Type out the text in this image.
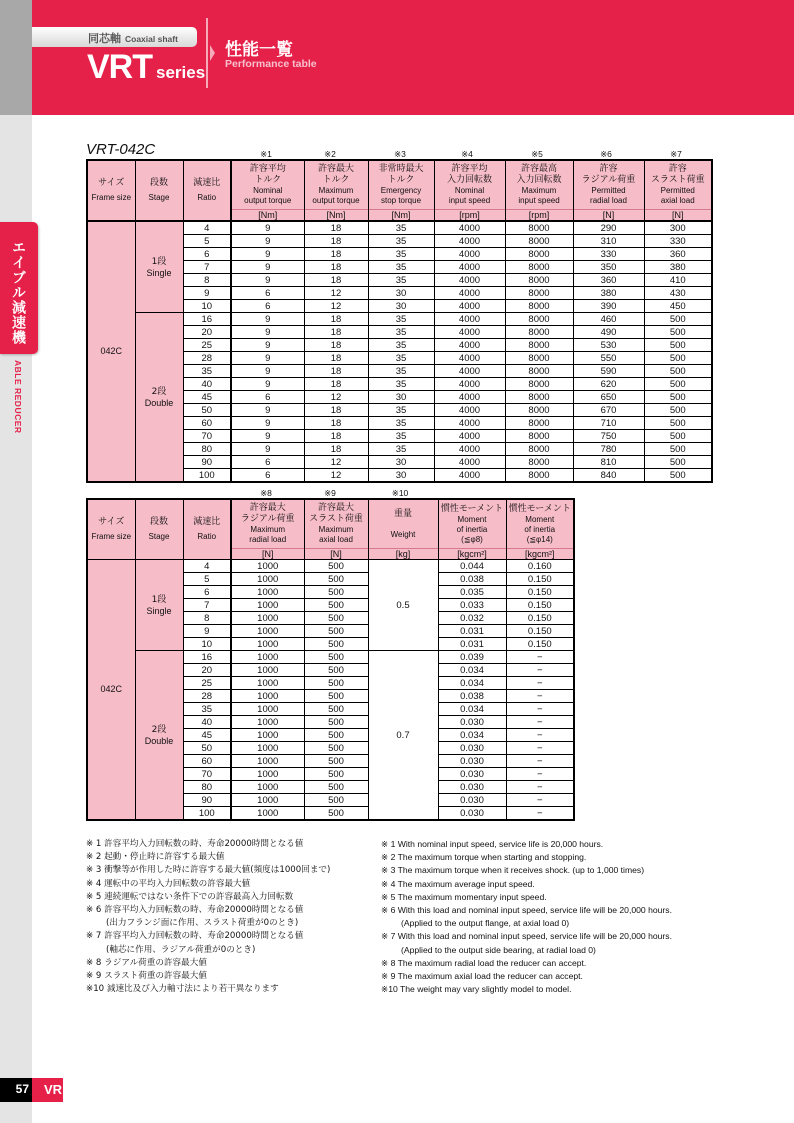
同芯軸 Coaxial shaft
VRT series
性能一覧
Performance table
エイブル減速機
ABLE REDUCER
VRT-042C	※1	※2	※3	※4	※5	※6	※7
サイズ
Frame size	段数
Stage	減速比
Ratio	許容平均
トルク
Nominal
output torque	許容最大
トルク
Maximum
output torque	非常時最大
トルク
Emergency
stop torque	許容平均
入力回転数
Nominal
input speed	許容最高
入力回転数
Maximum
input speed	許容
ラジアル荷重
Permitted
radial load	許容
スラスト荷重
Permitted
axial load

			[Nm]	[Nm]	[Nm]	[rpm]	[rpm]	[N]	[N]
042C	1段
Single	4	9	18	35	4000	8000	290	300
		5	9	18	35	4000	8000	310	330
		6	9	18	35	4000	8000	330	360
		7	9	18	35	4000	8000	350	380
		8	9	18	35	4000	8000	360	410
		9	6	12	30	4000	8000	380	430
		10	6	12	30	4000	8000	390	450

	2段
Double	16	9	18	35	4000	8000	460	500
		20	9	18	35	4000	8000	490	500
		25	9	18	35	4000	8000	530	500
		28	9	18	35	4000	8000	550	500
		35	9	18	35	4000	8000	590	500
		40	9	18	35	4000	8000	620	500
		45	6	12	30	4000	8000	650	500
		50	9	18	35	4000	8000	670	500
		60	9	18	35	4000	8000	710	500
		70	9	18	35	4000	8000	750	500
		80	9	18	35	4000	8000	780	500
		90	6	12	30	4000	8000	810	500
		100	6	12	30	4000	8000	840	500
※8	※9	※10
サイズ
Frame size	段数
Stage	減速比
Ratio	許容最大
ラジアル荷重
Maximum
radial load	許容最大
スラスト荷重
Maximum
axial load	重量
Weight	慣性モーメント
Moment
of inertia
(≦φ8)	慣性モーメント
Moment
of inertia
(≦φ14)

			[N]	[N]	[kg]	[kgcm²]	[kgcm²]
042C	1段
Single	4	1000	500	0.5	0.044	0.160
		5	1000	500		0.038	0.150
		6	1000	500		0.035	0.150
		7	1000	500		0.033	0.150
		8	1000	500		0.032	0.150
		9	1000	500		0.031	0.150
		10	1000	500		0.031	0.150

	2段
Double	16	1000	500	0.7	0.039	−
		20	1000	500		0.034	−
		25	1000	500		0.034	−
		28	1000	500		0.038	−
		35	1000	500		0.034	−
		40	1000	500		0.030	−
		45	1000	500		0.034	−
		50	1000	500		0.030	−
		60	1000	500		0.030	−
		70	1000	500		0.030	−
		80	1000	500		0.030	−
		90	1000	500		0.030	−
		100	1000	500		0.030	−
※ 1 許容平均入力回転数の時、寿命20000時間となる値
※ 2 起動・停止時に許容する最大値
※ 3 衝撃等が作用した時に許容する最大値(頻度は1000回まで)
※ 4 運転中の平均入力回転数の許容最大値
※ 5 連続運転ではない条件下での許容最高入力回転数
※ 6 許容平均入力回転数の時、寿命20000時間となる値
(出力フランジ面に作用、スラスト荷重が0のとき)
※ 7 許容平均入力回転数の時、寿命20000時間となる値
(軸芯に作用、ラジアル荷重が0のとき)
※ 8 ラジアル荷重の許容最大値
※ 9 スラスト荷重の許容最大値
※10 減速比及び入力軸寸法により若干異なります
※ 1 With nominal input speed, service life is 20,000 hours.
※ 2 The maximum torque when starting and stopping.
※ 3 The maximum torque when it receives shock. (up to 1,000 times)
※ 4 The maximum average input speed.
※ 5 The maximum momentary input speed.
※ 6 With this load and nominal input speed, service life will be 20,000 hours.
(Applied to the output flange, at axial load 0)
※ 7 With this load and nominal input speed, service life will be 20,000 hours.
(Applied to the output side bearing, at radial load 0)
※ 8 The maximum radial load the reducer can accept.
※ 9 The maximum axial load the reducer can accept.
※10 The weight may vary slightly model to model.
57	VR
